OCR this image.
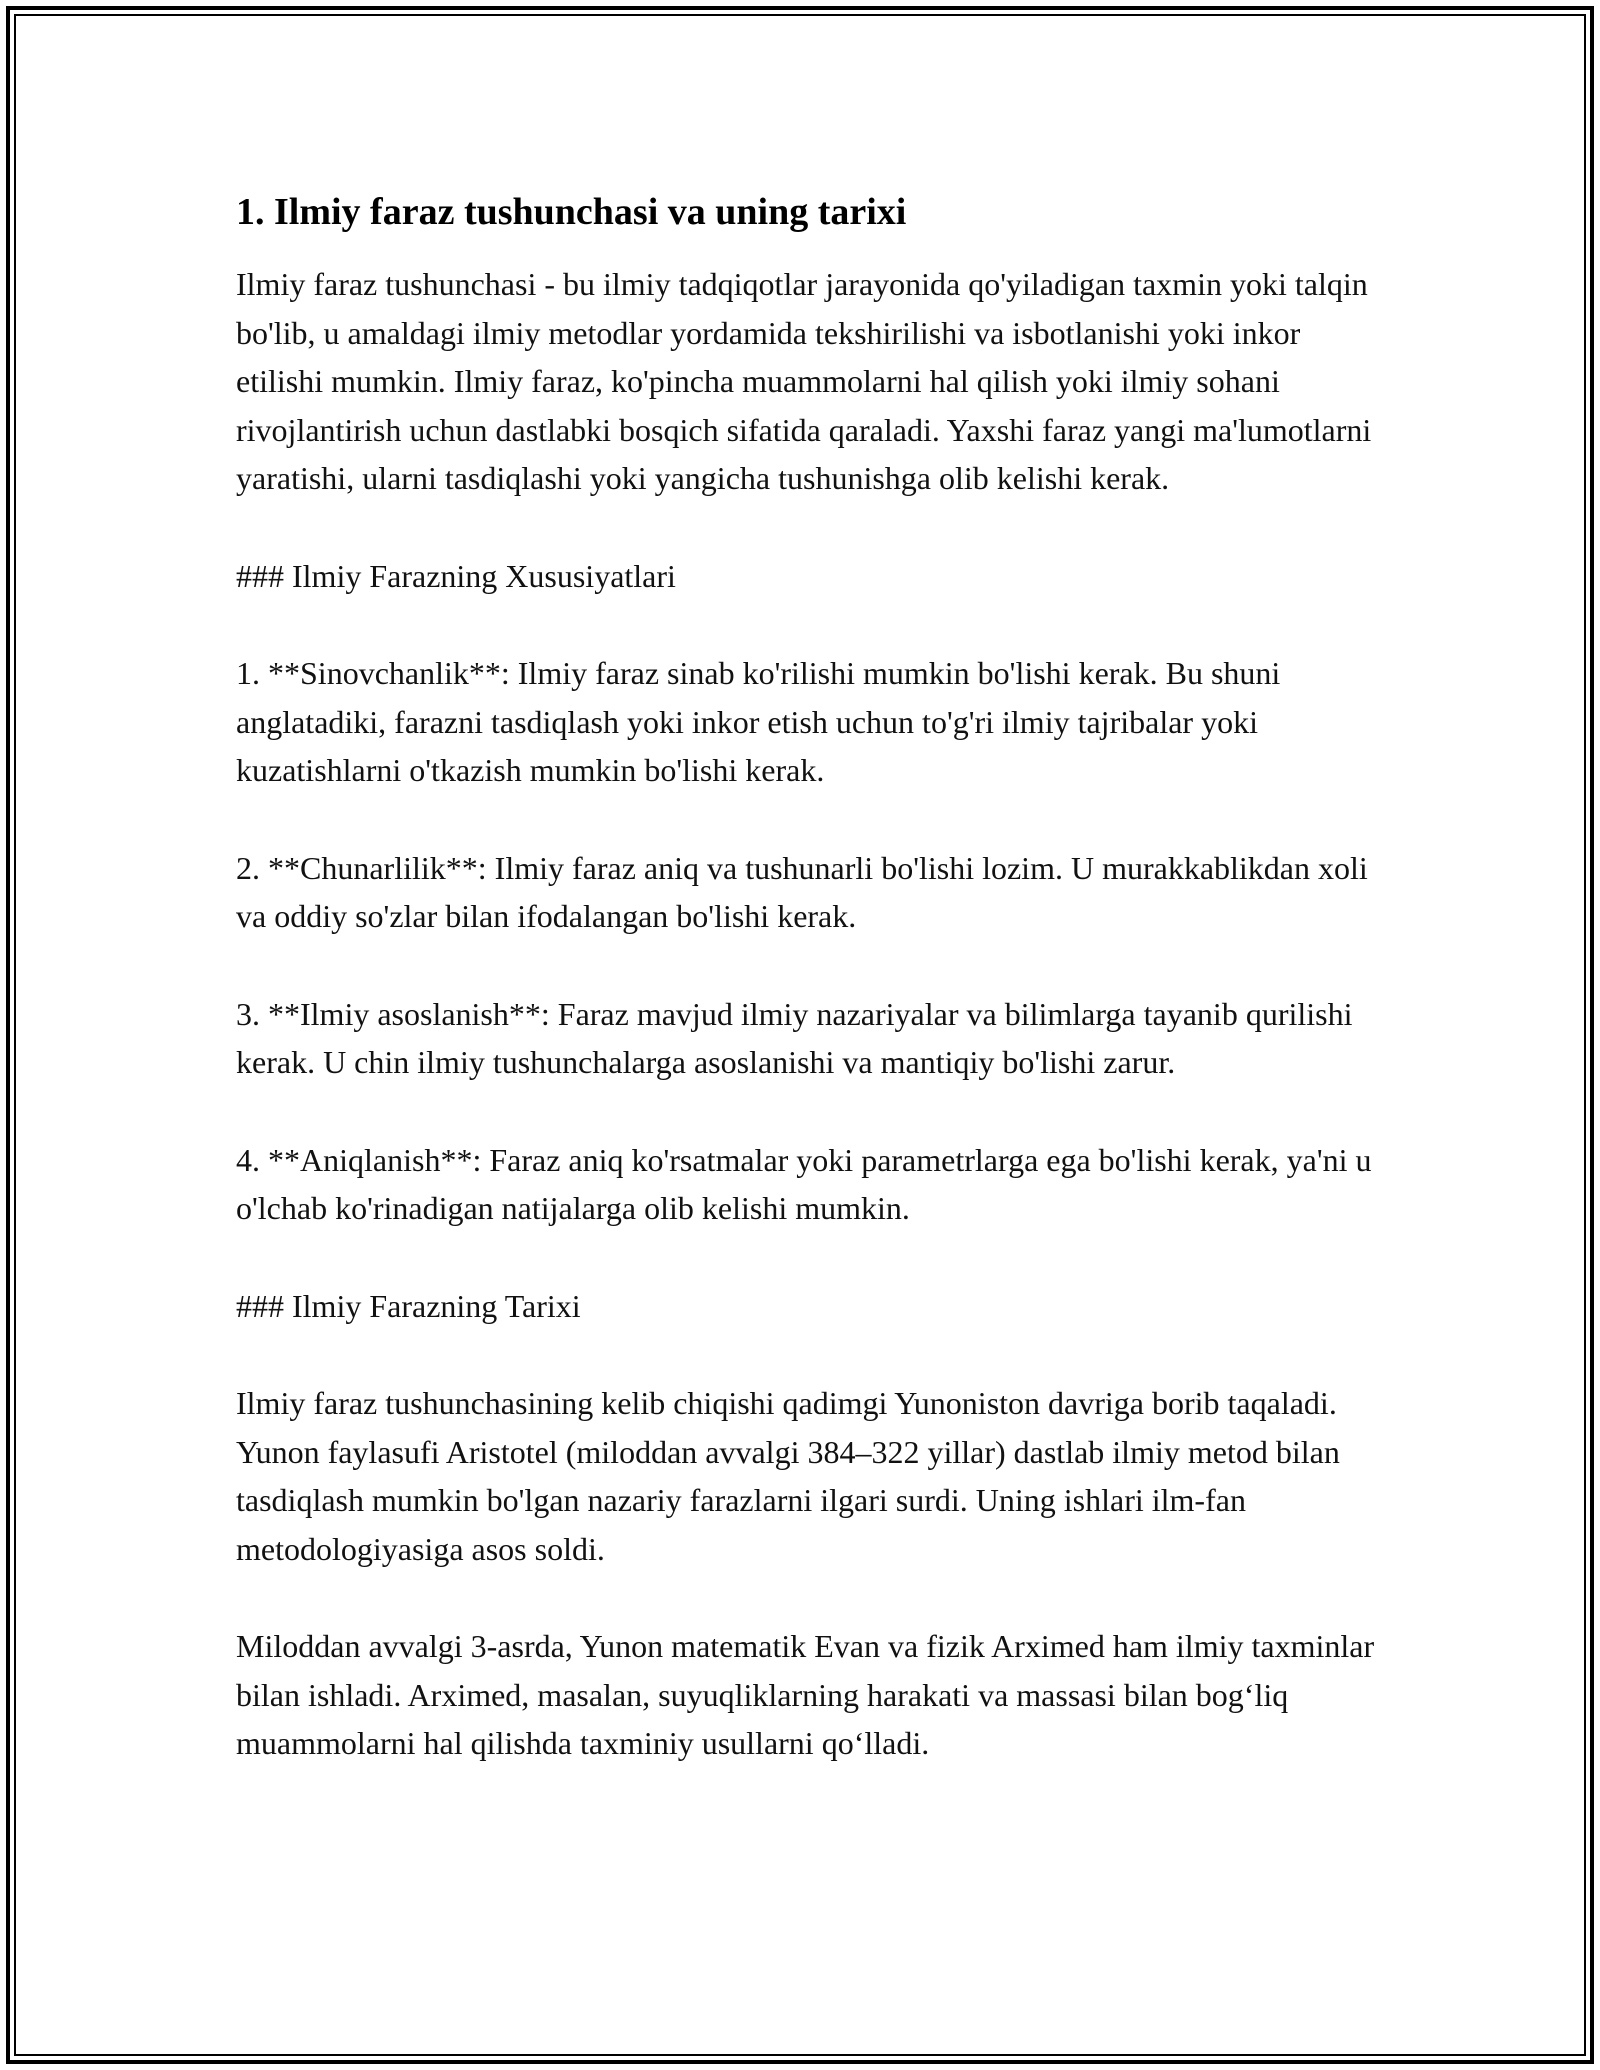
1. Ilmiy faraz tushunchasi va uning tarixi

Ilmiy faraz tushunchasi - bu ilmiy tadqiqotlar jarayonida qo'yiladigan taxmin yoki talqin bo'lib, u amaldagi ilmiy metodlar yordamida tekshirilishi va isbotlanishi yoki inkor etilishi mumkin. Ilmiy faraz, ko'pincha muammolarni hal qilish yoki ilmiy sohani rivojlantirish uchun dastlabki bosqich sifatida qaraladi. Yaxshi faraz yangi ma'lumotlarni yaratishi, ularni tasdiqlashi yoki yangicha tushunishga olib kelishi kerak.

### Ilmiy Farazning Xususiyatlari

1. **Sinovchanlik**: Ilmiy faraz sinab ko'rilishi mumkin bo'lishi kerak. Bu shuni anglatadiki, farazni tasdiqlash yoki inkor etish uchun to'g'ri ilmiy tajribalar yoki kuzatishlarni o'tkazish mumkin bo'lishi kerak.

2. **Chunarlilik**: Ilmiy faraz aniq va tushunarli bo'lishi lozim. U murakkablikdan xoli va oddiy so'zlar bilan ifodalangan bo'lishi kerak.

3. **Ilmiy asoslanish**: Faraz mavjud ilmiy nazariyalar va bilimlarga tayanib qurilishi kerak. U chin ilmiy tushunchalarga asoslanishi va mantiqiy bo'lishi zarur.

4. **Aniqlanish**: Faraz aniq ko'rsatmalar yoki parametrlarga ega bo'lishi kerak, ya'ni u o'lchab ko'rinadigan natijalarga olib kelishi mumkin.

### Ilmiy Farazning Tarixi

Ilmiy faraz tushunchasining kelib chiqishi qadimgi Yunoniston davriga borib taqaladi. Yunon faylasufi Aristotel (miloddan avvalgi 384–322 yillar) dastlab ilmiy metod bilan tasdiqlash mumkin bo'lgan nazariy farazlarni ilgari surdi. Uning ishlari ilm-fan metodologiyasiga asos soldi.

Miloddan avvalgi 3-asrda, Yunon matematik Evan va fizik Arximed ham ilmiy taxminlar bilan ishladi. Arximed, masalan, suyuqliklarning harakati va massasi bilan bog‘liq muammolarni hal qilishda taxminiy usullarni qo‘lladi.
